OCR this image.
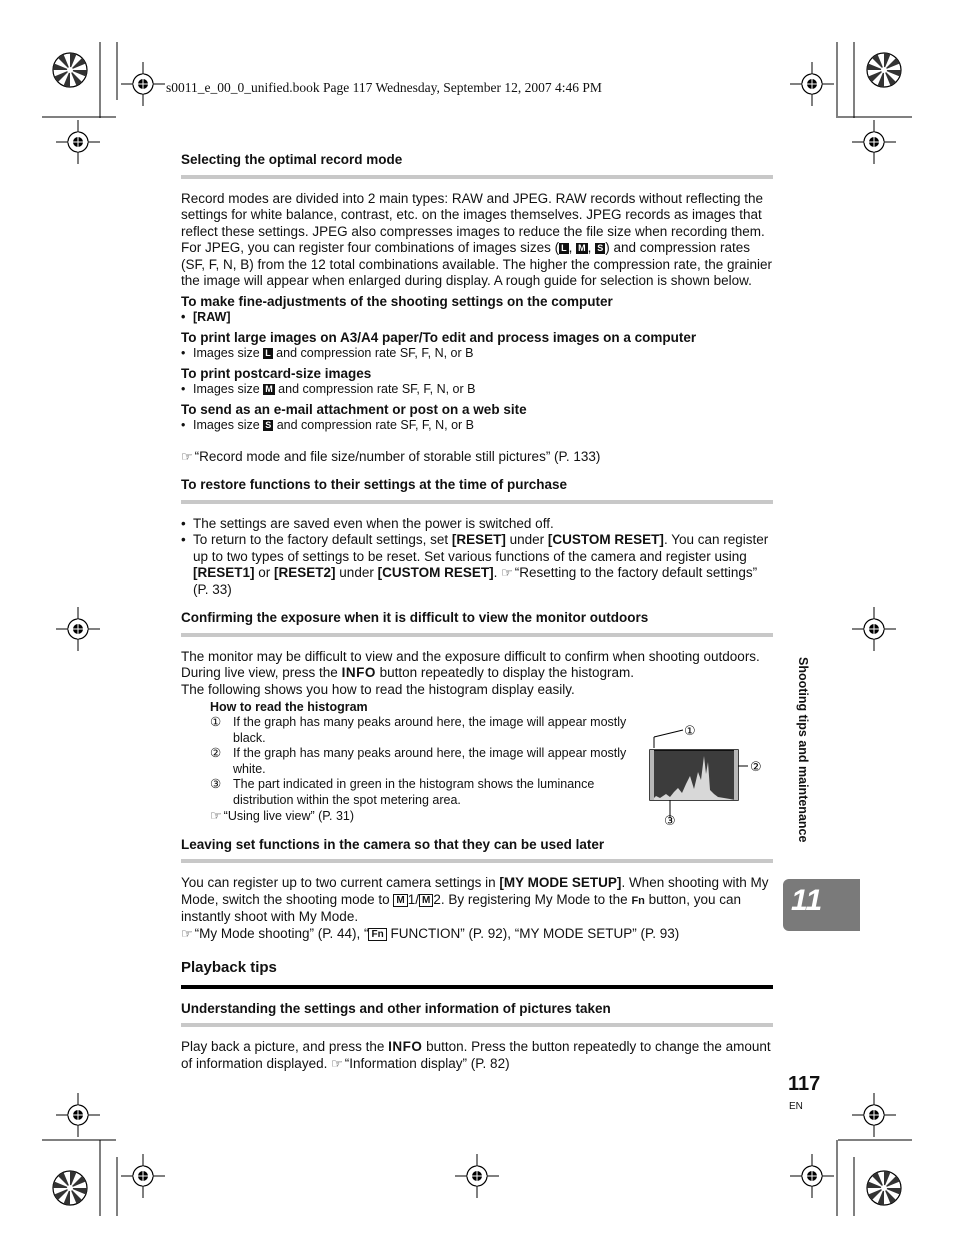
s0011_e_00_0_unified.book Page 117 Wednesday, September 12, 2007 4:46 PM
Selecting the optimal record mode

Record modes are divided into 2 main types: RAW and JPEG. RAW records without reflecting the settings for white balance, contrast, etc. on the images themselves. JPEG records as images that reflect these settings. JPEG also compresses images to reduce the file size when recording them. For JPEG, you can register four combinations of images sizes ( L , M , S ) and compression rates (SF, F, N, B) from the 12 total combinations available. The higher the compression rate, the grainier the image will appear when enlarged during display. A rough guide for selection is shown below.

To make fine-adjustments of the shooting settings on the computer

• [RAW]

To print large images on A3/A4 paper/To edit and process images on a computer

• Images size L and compression rate SF, F, N, or B

To print postcard-size images

• Images size M and compression rate SF, F, N, or B

To send as an e-mail attachment or post on a web site

• Images size S and compression rate SF, F, N, or B

☞ “Record mode and file size/number of storable still pictures” (P. 133)

To restore functions to their settings at the time of purchase

• The settings are saved even when the power is switched off.

• To return to the factory default settings, set [RESET] under [CUSTOM RESET]. You can register up to two types of settings to be reset. Set various functions of the camera and register using [RESET1] or [RESET2] under [CUSTOM RESET]. ☞ “Resetting to the factory default settings” (P. 33)

Confirming the exposure when it is difficult to view the monitor outdoors

The monitor may be difficult to view and the exposure difficult to confirm when shooting outdoors.

During live view, press the INFO button repeatedly to display the histogram.

The following shows you how to read the histogram display easily.

How to read the histogram

① If the graph has many peaks around here, the image will appear mostly black.

② If the graph has many peaks around here, the image will appear mostly white.

③ The part indicated in green in the histogram shows the luminance distribution within the spot metering area.

☞ “Using live view” (P. 31)

①
②
③
Leaving set functions in the camera so that they can be used later

You can register up to two current camera settings in [MY MODE SETUP]. When shooting with My Mode, switch the shooting mode to M 1/ M 2. By registering My Mode to the Fn button, you can instantly shoot with My Mode.

☞ “My Mode shooting” (P. 44), “ Fn FUNCTION” (P. 92), “MY MODE SETUP” (P. 93)

Playback tips
Understanding the settings and other information of pictures taken

Play back a picture, and press the INFO button. Press the button repeatedly to change the amount of information displayed. ☞ “Information display” (P. 82)

Shooting tips and maintenance
11
117
EN
